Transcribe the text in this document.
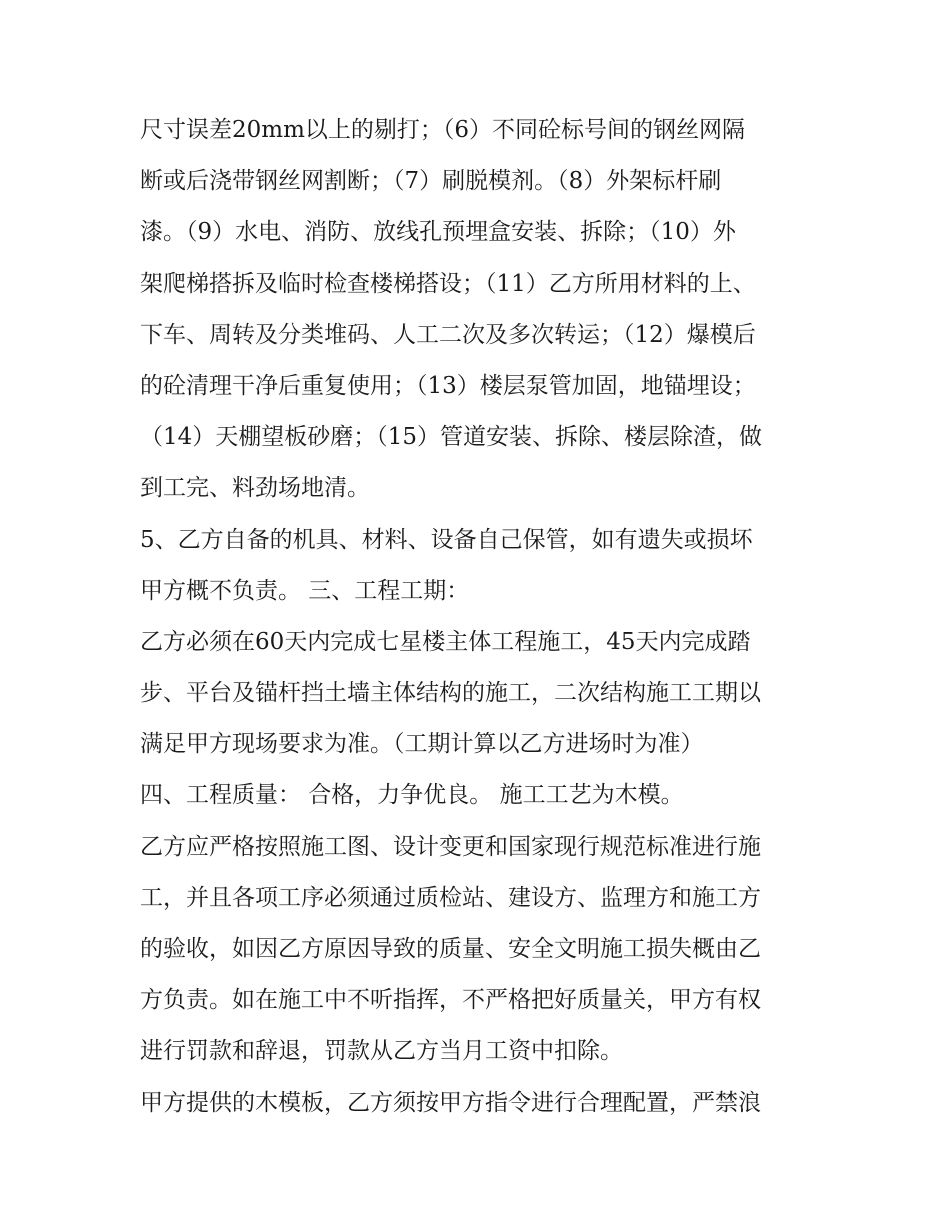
尺寸误差20mm以上的剔打；（6）不同砼标号间的钢丝网隔
断或后浇带钢丝网割断；（7）刷脱模剂。（8）外架标杆刷
漆。（9）水电、消防、放线孔预埋盒安装、拆除；（10）外
架爬梯搭拆及临时检查楼梯搭设；（11）乙方所用材料的上、
下车、周转及分类堆码、人工二次及多次转运；（12）爆模后
的砼清理干净后重复使用；（13）楼层泵管加固，地锚埋设；
（14）天棚望板砂磨；（15）管道安装、拆除、楼层除渣，做
到工完、料劲场地清。
5、乙方自备的机具、材料、设备自己保管，如有遗失或损坏
甲方概不负责。 三、工程工期：
乙方必须在60天内完成七星楼主体工程施工，45天内完成踏
步、平台及锚杆挡土墙主体结构的施工，二次结构施工工期以
满足甲方现场要求为准。（工期计算以乙方进场时为准）
四、工程质量： 合格，力争优良。 施工工艺为木模。
乙方应严格按照施工图、设计变更和国家现行规范标准进行施
工，并且各项工序必须通过质检站、建设方、监理方和施工方
的验收，如因乙方原因导致的质量、安全文明施工损失概由乙
方负责。如在施工中不听指挥，不严格把好质量关，甲方有权
进行罚款和辞退，罚款从乙方当月工资中扣除。
甲方提供的木模板，乙方须按甲方指令进行合理配置，严禁浪
